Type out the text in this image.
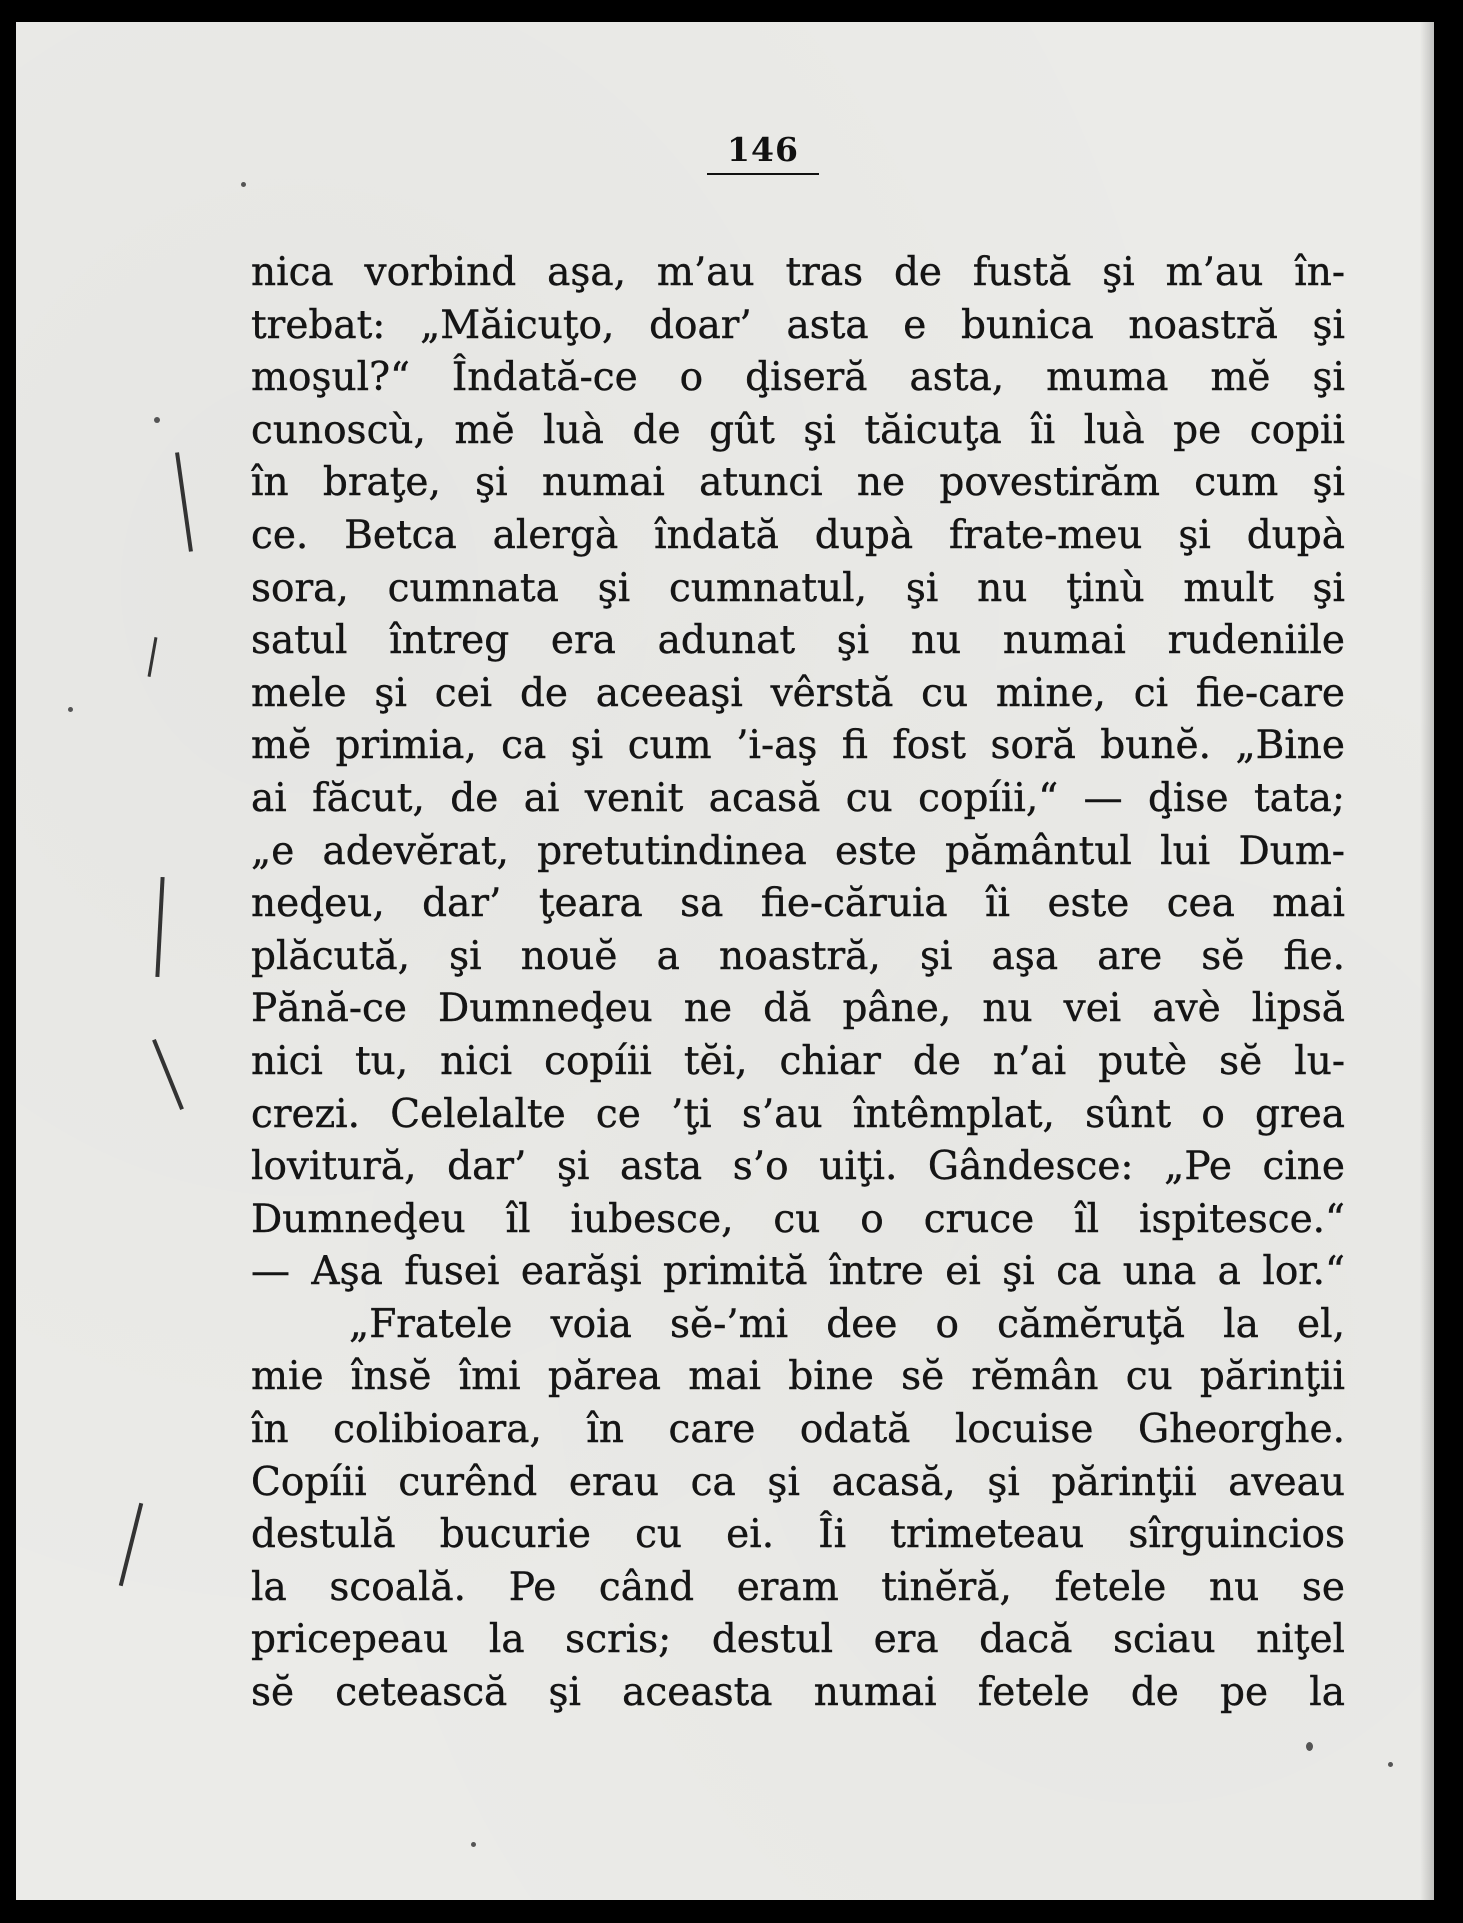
146
nica vorbind aşa, m’au tras de fustă şi m’au în-
trebat: „Măicuţo, doar’ asta e bunica noastră şi
moşul?“ Îndată-ce o ḑiseră asta, muma mĕ şi
cunoscù, mĕ luà de gût şi tăicuţa îi luà pe copii
în braţe, şi numai atunci ne povestirăm cum şi
ce. Betca alergà îndată dupà frate-meu şi dupà
sora, cumnata şi cumnatul, şi nu ţinù mult şi
satul întreg era adunat şi nu numai rudeniile
mele şi cei de aceeaşi vêrstă cu mine, ci fie-care
mĕ primia, ca şi cum ’i-aş fi fost soră bunĕ. „Bine
ai făcut, de ai venit acasă cu copíii,“ — ḑise tata;
„e adevĕrat, pretutindinea este pământul lui Dum-
neḑeu, dar’ ţeara sa fie-căruia îi este cea mai
plăcută, şi nouĕ a noastră, şi aşa are sĕ fie.
Pănă-ce Dumneḑeu ne dă pâne, nu vei avè lipsă
nici tu, nici copíii tĕi, chiar de n’ai putè sĕ lu-
crezi. Celelalte ce ’ţi s’au întêmplat, sûnt o grea
lovitură, dar’ şi asta s’o uiţi. Gândesce: „Pe cine
Dumneḑeu îl iubesce, cu o cruce îl ispitesce.“
— Aşa fusei earăşi primită între ei şi ca una a lor.“
„Fratele voia sĕ-’mi dee o cămĕruţă la el,
mie însĕ îmi părea mai bine sĕ rĕmân cu părinţii
în colibioara, în care odată locuise Gheorghe.
Copíii curênd erau ca şi acasă, şi părinţii aveau
destulă bucurie cu ei. Îi trimeteau sîrguincios
la scoală. Pe când eram tinĕră, fetele nu se
pricepeau la scris; destul era dacă sciau niţel
sĕ cetească şi aceasta numai fetele de pe la
